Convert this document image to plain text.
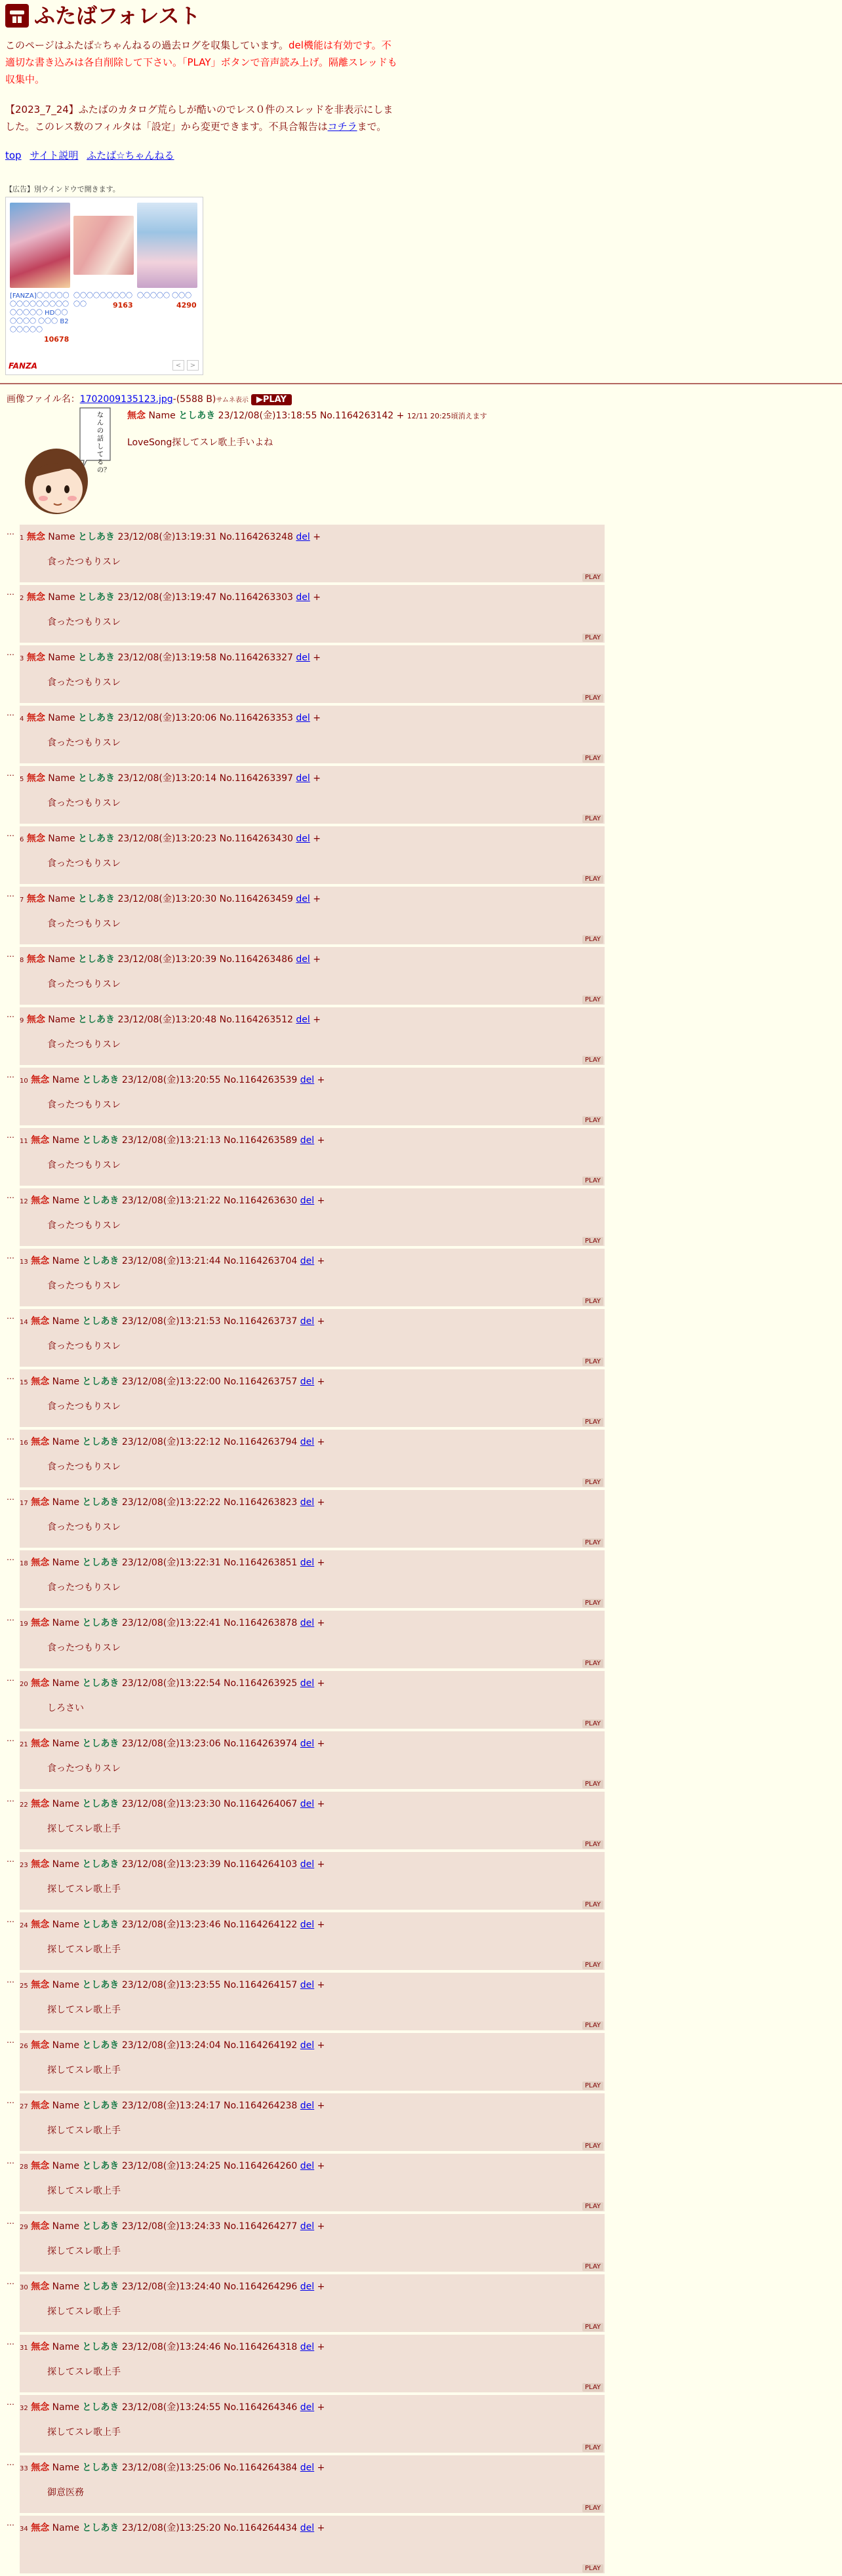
ふたばフォレスト

このページはふたば☆ちゃんねるの過去ログを収集しています。del機能は有効です。不適切な書き込みは各自削除して下さい。「PLAY」ボタンで音声読み上げ。隔離スレッドも収集中。

【2023_7_24】ふたばのカタログ荒らしが酷いのでレス０件のスレッドを非表示にしました。このレス数のフィルタは「設定」から変更できます。不具合報告はコチラまで。

top サイト説明 ふたば☆ちゃんねる

【広告】別ウインドウで開きます。

[FANZA]〇〇〇〇〇〇〇〇〇〇〇〇〇〇〇〇〇〇〇 HD〇〇〇〇〇〇 〇〇〇 B2〇〇〇〇〇
〇〇〇〇〇〇〇〇〇〇〇
〇〇〇〇〇 〇〇〇
10678
9163	4290
FANZA	<	>
画像ファイル名：1702009135123.jpg-(5588 B)サムネ表示 ▶PLAY
なんの話してるの？
無念 Name としあき 23/12/08(金)13:18:55 No.1164263142 + 12/11 20:25頃消えます
LoveSong探してスレ歌上手いよね
…
1 無念 Name としあき 23/12/08(金)13:19:31 No.1164263248 del +
食ったつもりスレ
PLAY
…
2 無念 Name としあき 23/12/08(金)13:19:47 No.1164263303 del +
食ったつもりスレ
PLAY
…
3 無念 Name としあき 23/12/08(金)13:19:58 No.1164263327 del +
食ったつもりスレ
PLAY
…
4 無念 Name としあき 23/12/08(金)13:20:06 No.1164263353 del +
食ったつもりスレ
PLAY
…
5 無念 Name としあき 23/12/08(金)13:20:14 No.1164263397 del +
食ったつもりスレ
PLAY
…
6 無念 Name としあき 23/12/08(金)13:20:23 No.1164263430 del +
食ったつもりスレ
PLAY
…
7 無念 Name としあき 23/12/08(金)13:20:30 No.1164263459 del +
食ったつもりスレ
PLAY
…
8 無念 Name としあき 23/12/08(金)13:20:39 No.1164263486 del +
食ったつもりスレ
PLAY
…
9 無念 Name としあき 23/12/08(金)13:20:48 No.1164263512 del +
食ったつもりスレ
PLAY
…
10 無念 Name としあき 23/12/08(金)13:20:55 No.1164263539 del +
食ったつもりスレ
PLAY
…
11 無念 Name としあき 23/12/08(金)13:21:13 No.1164263589 del +
食ったつもりスレ
PLAY
…
12 無念 Name としあき 23/12/08(金)13:21:22 No.1164263630 del +
食ったつもりスレ
PLAY
…
13 無念 Name としあき 23/12/08(金)13:21:44 No.1164263704 del +
食ったつもりスレ
PLAY
…
14 無念 Name としあき 23/12/08(金)13:21:53 No.1164263737 del +
食ったつもりスレ
PLAY
…
15 無念 Name としあき 23/12/08(金)13:22:00 No.1164263757 del +
食ったつもりスレ
PLAY
…
16 無念 Name としあき 23/12/08(金)13:22:12 No.1164263794 del +
食ったつもりスレ
PLAY
…
17 無念 Name としあき 23/12/08(金)13:22:22 No.1164263823 del +
食ったつもりスレ
PLAY
…
18 無念 Name としあき 23/12/08(金)13:22:31 No.1164263851 del +
食ったつもりスレ
PLAY
…
19 無念 Name としあき 23/12/08(金)13:22:41 No.1164263878 del +
食ったつもりスレ
PLAY
…
20 無念 Name としあき 23/12/08(金)13:22:54 No.1164263925 del +
しろさい
PLAY
…
21 無念 Name としあき 23/12/08(金)13:23:06 No.1164263974 del +
食ったつもりスレ
PLAY
…
22 無念 Name としあき 23/12/08(金)13:23:30 No.1164264067 del +
探してスレ歌上手
PLAY
…
23 無念 Name としあき 23/12/08(金)13:23:39 No.1164264103 del +
探してスレ歌上手
PLAY
…
24 無念 Name としあき 23/12/08(金)13:23:46 No.1164264122 del +
探してスレ歌上手
PLAY
…
25 無念 Name としあき 23/12/08(金)13:23:55 No.1164264157 del +
探してスレ歌上手
PLAY
…
26 無念 Name としあき 23/12/08(金)13:24:04 No.1164264192 del +
探してスレ歌上手
PLAY
…
27 無念 Name としあき 23/12/08(金)13:24:17 No.1164264238 del +
探してスレ歌上手
PLAY
…
28 無念 Name としあき 23/12/08(金)13:24:25 No.1164264260 del +
探してスレ歌上手
PLAY
…
29 無念 Name としあき 23/12/08(金)13:24:33 No.1164264277 del +
探してスレ歌上手
PLAY
…
30 無念 Name としあき 23/12/08(金)13:24:40 No.1164264296 del +
探してスレ歌上手
PLAY
…
31 無念 Name としあき 23/12/08(金)13:24:46 No.1164264318 del +
探してスレ歌上手
PLAY
…
32 無念 Name としあき 23/12/08(金)13:24:55 No.1164264346 del +
探してスレ歌上手
PLAY
…
33 無念 Name としあき 23/12/08(金)13:25:06 No.1164264384 del +
御意医務
PLAY
…
34 無念 Name としあき 23/12/08(金)13:25:20 No.1164264434 del +
PLAY
